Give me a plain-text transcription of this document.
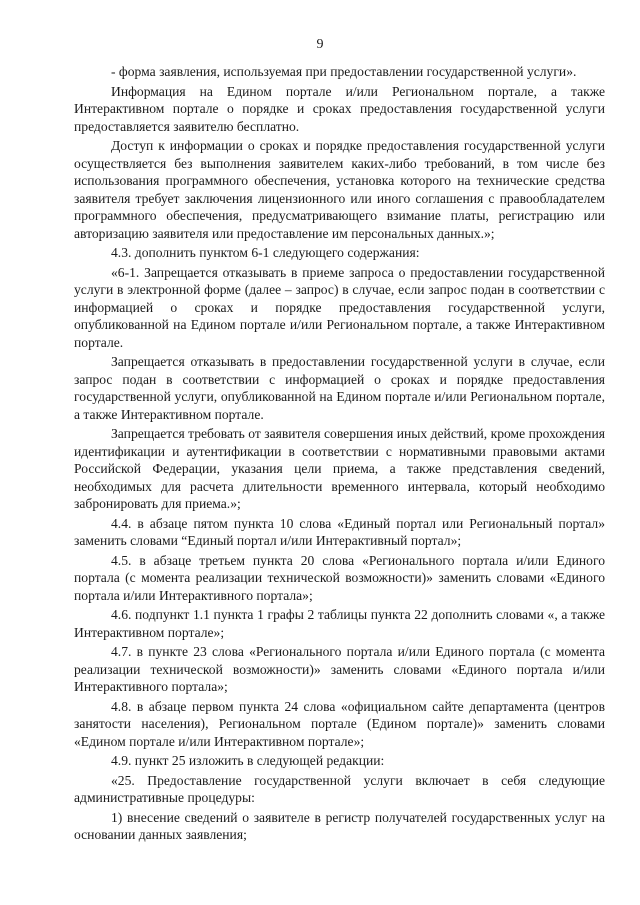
9

- форма заявления, используемая при предоставлении государственной услуги».

Информация на Едином портале и/или Региональном портале, а также Интерактивном портале о порядке и сроках предоставления государственной услуги предоставляется заявителю бесплатно.

Доступ к информации о сроках и порядке предоставления государственной услуги осуществляется без выполнения заявителем каких-либо требований, в том числе без использования программного обеспечения, установка которого на технические средства заявителя требует заключения лицензионного или иного соглашения с правообладателем программного обеспечения, предусматривающего взимание платы, регистрацию или авторизацию заявителя или предоставление им персональных данных.»;

4.3. дополнить пунктом 6-1 следующего содержания:

«6-1. Запрещается отказывать в приеме запроса о предоставлении государственной услуги в электронной форме (далее – запрос) в случае, если запрос подан в соответствии с информацией о сроках и порядке предоставления государственной услуги, опубликованной на Едином портале и/или Региональном портале, а также Интерактивном портале.

Запрещается отказывать в предоставлении государственной услуги в случае, если запрос подан в соответствии с информацией о сроках и порядке предоставления государственной услуги, опубликованной на Едином портале и/или Региональном портале, а также Интерактивном портале.

Запрещается требовать от заявителя совершения иных действий, кроме прохождения идентификации и аутентификации в соответствии с нормативными правовыми актами Российской Федерации, указания цели приема, а также представления сведений, необходимых для расчета длительности временного интервала, который необходимо забронировать для приема.»;

4.4. в абзаце пятом пункта 10 слова «Единый портал или Региональный портал» заменить словами “Единый портал и/или Интерактивный портал»;

4.5. в абзаце третьем пункта 20 слова «Регионального портала и/или Единого портала (с момента реализации технической возможности)» заменить словами «Единого портала и/или Интерактивного портала»;

4.6. подпункт 1.1 пункта 1 графы 2 таблицы пункта 22 дополнить словами «, а также Интерактивном портале»;

4.7. в пункте 23 слова «Регионального портала и/или Единого портала (с момента реализации технической возможности)» заменить словами «Единого портала и/или Интерактивного портала»;

4.8. в абзаце первом пункта 24 слова «официальном сайте департамента (центров занятости населения), Региональном портале (Едином портале)» заменить словами «Едином портале и/или Интерактивном портале»;

4.9. пункт 25 изложить в следующей редакции:

«25. Предоставление государственной услуги включает в себя следующие административные процедуры:

1) внесение сведений о заявителе в регистр получателей государственных услуг на основании данных заявления;
